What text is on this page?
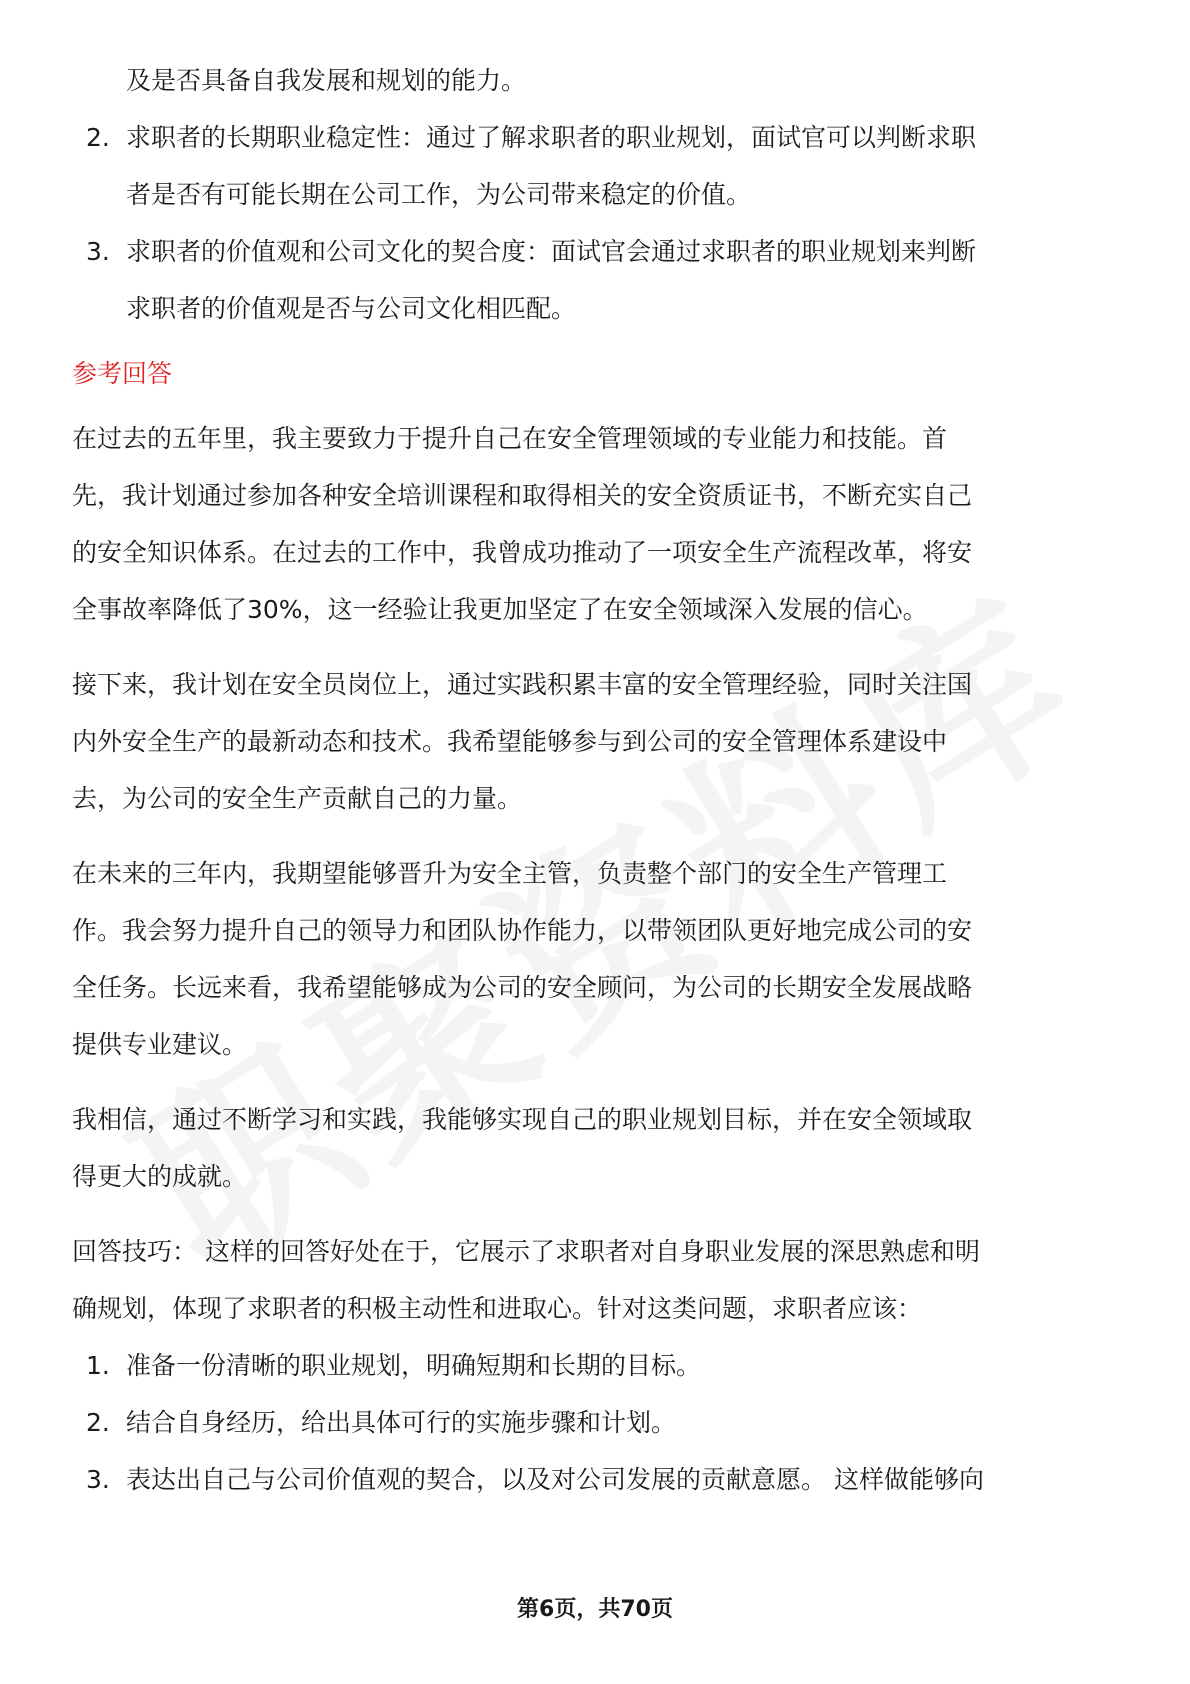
及是否具备自我发展和规划的能力。
2. 求职者的长期职业稳定性：通过了解求职者的职业规划，面试官可以判断求职
者是否有可能长期在公司工作，为公司带来稳定的价值。
3. 求职者的价值观和公司文化的契合度：面试官会通过求职者的职业规划来判断
求职者的价值观是否与公司文化相匹配。
参考回答
在过去的五年里，我主要致力于提升自己在安全管理领域的专业能力和技能。首
先，我计划通过参加各种安全培训课程和取得相关的安全资质证书，不断充实自己
的安全知识体系。在过去的工作中，我曾成功推动了一项安全生产流程改革，将安
全事故率降低了30%，这一经验让我更加坚定了在安全领域深入发展的信心。
接下来，我计划在安全员岗位上，通过实践积累丰富的安全管理经验，同时关注国
内外安全生产的最新动态和技术。我希望能够参与到公司的安全管理体系建设中
去，为公司的安全生产贡献自己的力量。
在未来的三年内，我期望能够晋升为安全主管，负责整个部门的安全生产管理工
作。我会努力提升自己的领导力和团队协作能力，以带领团队更好地完成公司的安
全任务。长远来看，我希望能够成为公司的安全顾问，为公司的长期安全发展战略
提供专业建议。
我相信，通过不断学习和实践，我能够实现自己的职业规划目标，并在安全领域取
得更大的成就。
回答技巧： 这样的回答好处在于，它展示了求职者对自身职业发展的深思熟虑和明
确规划，体现了求职者的积极主动性和进取心。针对这类问题，求职者应该：
1. 准备一份清晰的职业规划，明确短期和长期的目标。
2. 结合自身经历，给出具体可行的实施步骤和计划。
3. 表达出自己与公司价值观的契合，以及对公司发展的贡献意愿。 这样做能够向
第6页，共70页
